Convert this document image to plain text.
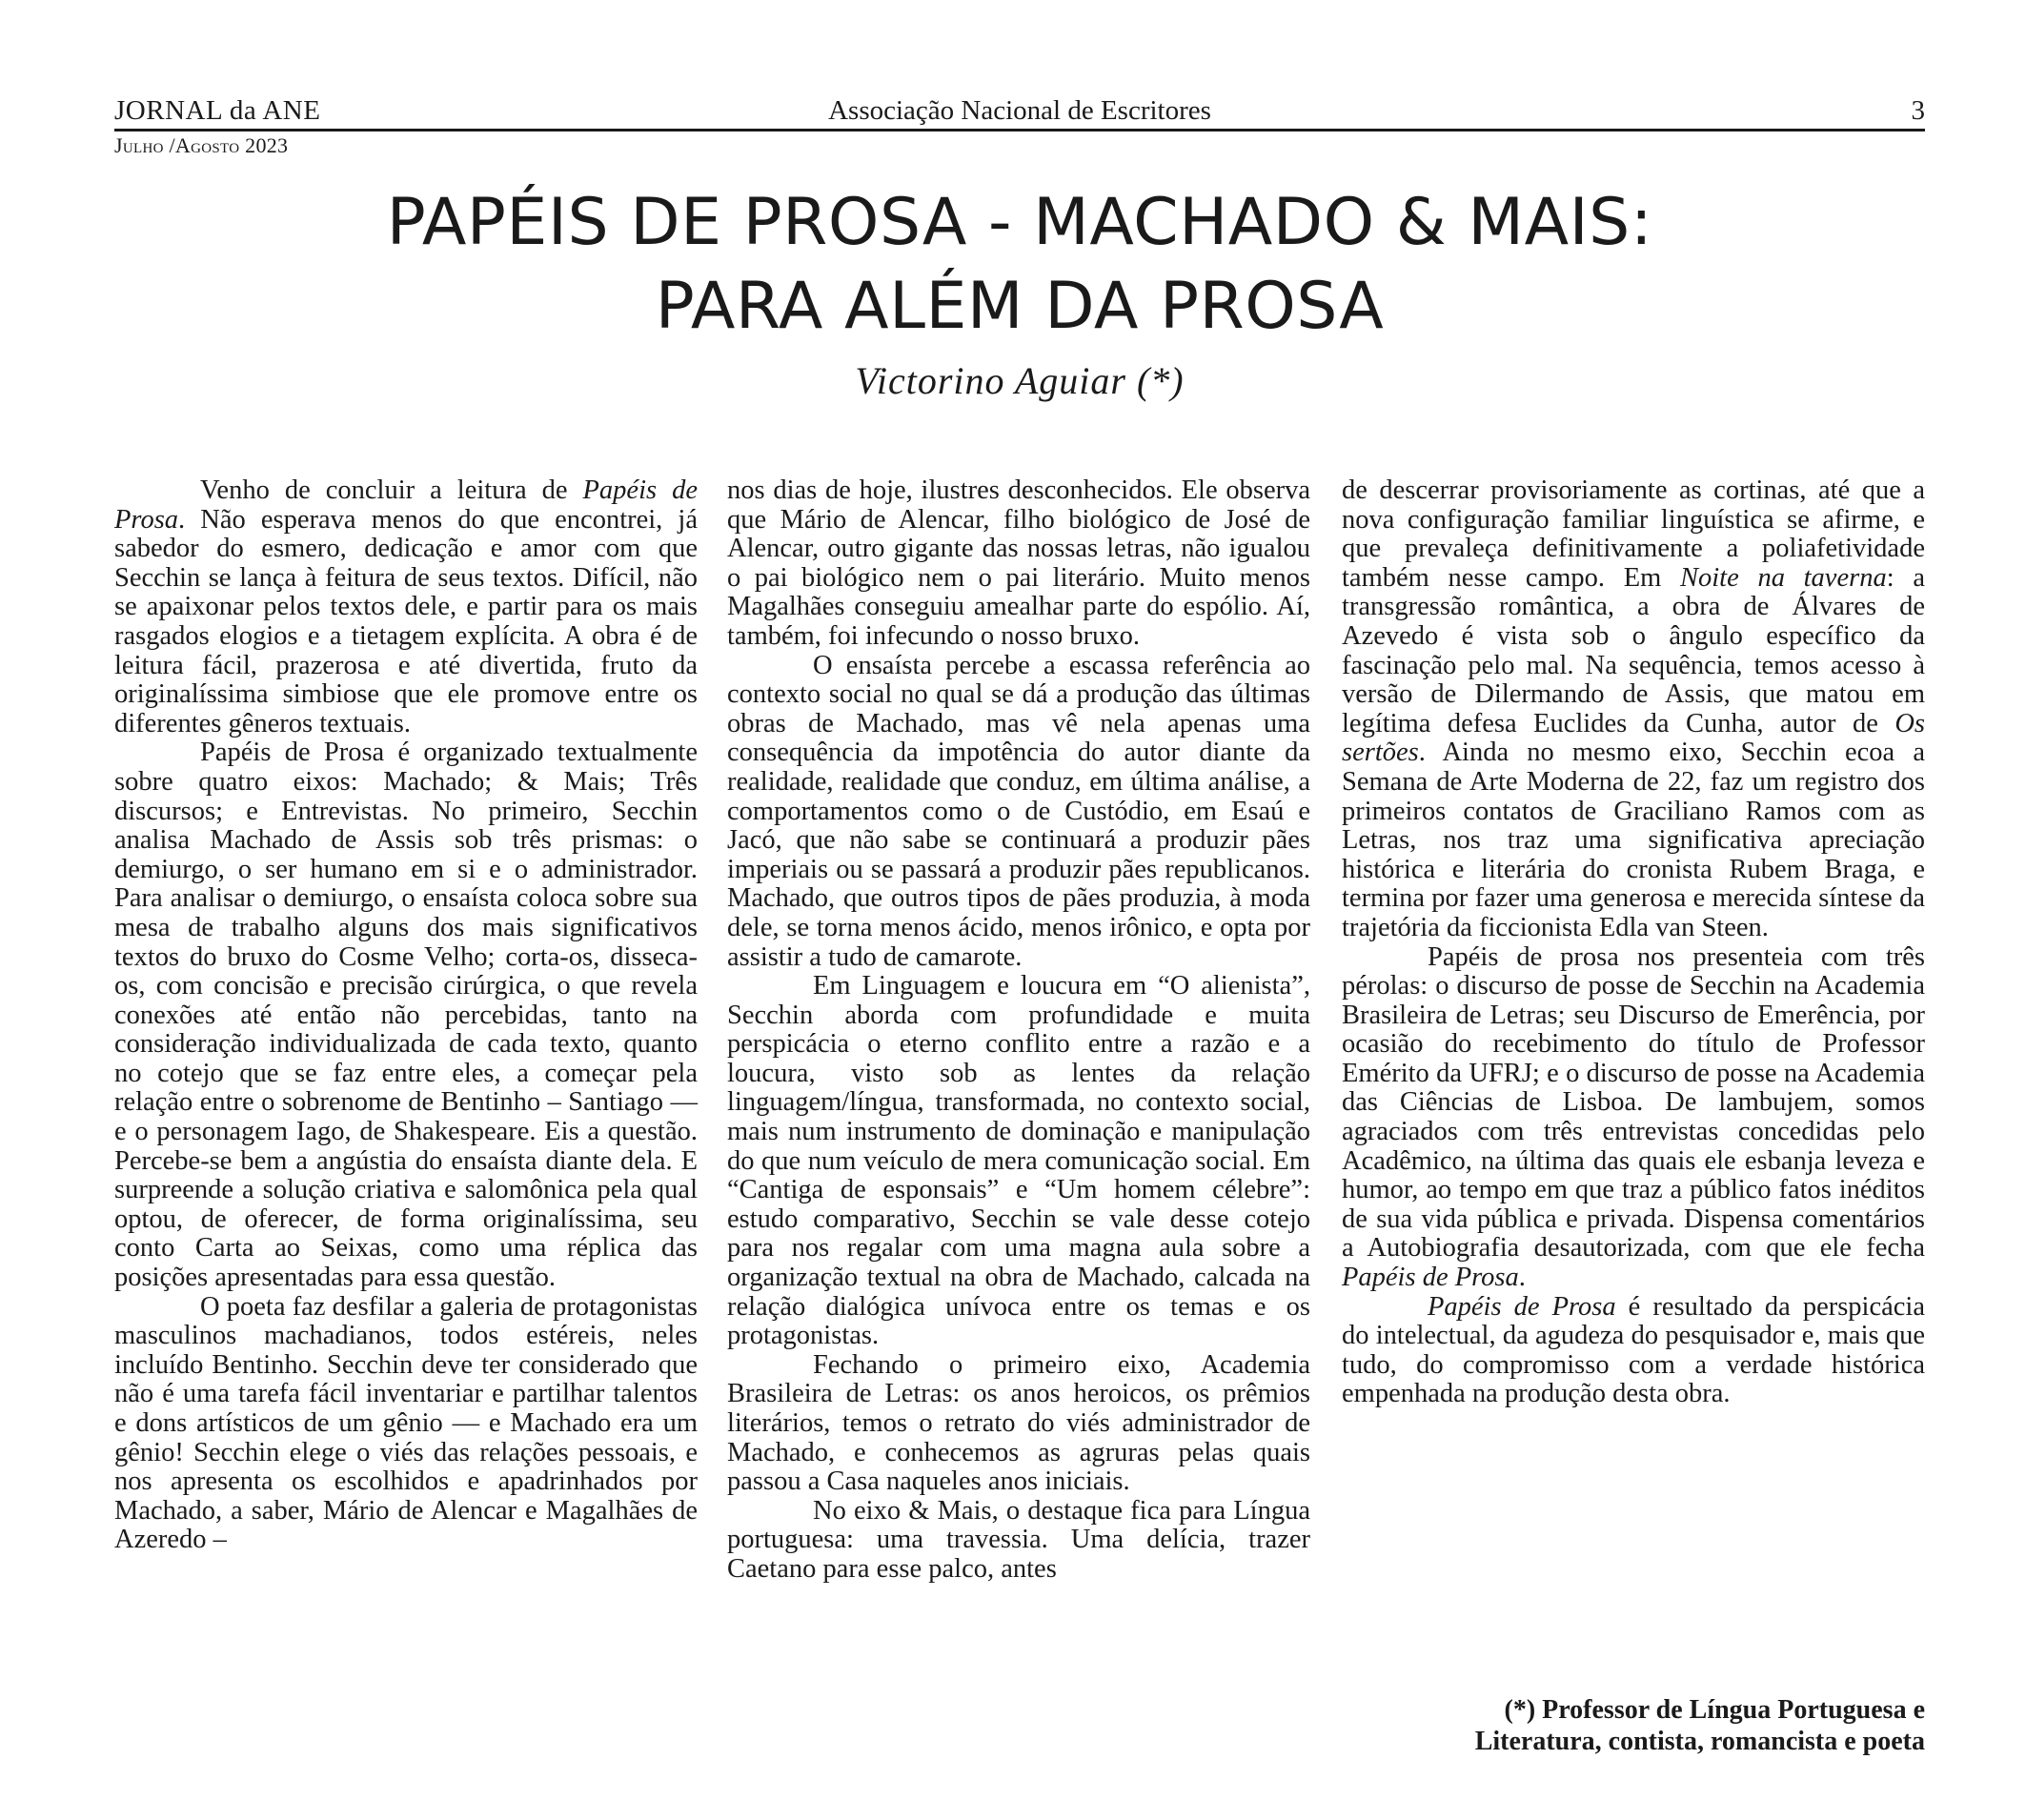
Associação Nacional de Escritores
JORNAL da ANE	3
Julho /Agosto 2023
PAPÉIS DE PROSA - MACHADO & MAIS:
PARA ALÉM DA PROSA
Victorino Aguiar (*)

Venho de concluir a leitura de Papéis de Prosa. Não esperava menos do que encontrei, já sabedor do esmero, dedicação e amor com que Secchin se lança à feitura de seus textos. Difícil, não se apaixonar pelos textos dele, e partir para os mais rasgados elogios e a tietagem explícita. A obra é de leitura fácil, prazerosa e até divertida, fruto da originalíssima simbiose que ele promove entre os diferentes gêneros textuais.

Papéis de Prosa é organizado textualmente sobre quatro eixos: Machado; & Mais; Três discursos; e Entrevistas. No primeiro, Secchin analisa Machado de Assis sob três prismas: o demiurgo, o ser humano em si e o administrador. Para analisar o demiurgo, o ensaísta coloca sobre sua mesa de trabalho alguns dos mais significativos textos do bruxo do Cosme Velho; corta-os, disseca-os, com concisão e precisão cirúrgica, o que revela conexões até então não percebidas, tanto na consideração individualizada de cada texto, quanto no cotejo que se faz entre eles, a começar pela relação entre o sobrenome de Bentinho – Santiago — e o personagem Iago, de Shakespeare. Eis a questão. Percebe-se bem a angústia do ensaísta diante dela. E surpreende a solução criativa e salomônica pela qual optou, de oferecer, de forma originalíssima, seu conto Carta ao Seixas, como uma réplica das posições apresentadas para essa questão.

O poeta faz desfilar a galeria de protagonistas masculinos machadianos, todos estéreis, neles incluído Bentinho. Secchin deve ter considerado que não é uma tarefa fácil inventariar e partilhar talentos e dons artísticos de um gênio — e Machado era um gênio! Secchin elege o viés das relações pessoais, e nos apresenta os escolhidos e apadrinhados por Machado, a saber, Mário de Alencar e Magalhães de Azeredo –

nos dias de hoje, ilustres desconhecidos. Ele observa que Mário de Alencar, filho biológico de José de Alencar, outro gigante das nossas letras, não igualou o pai biológico nem o pai literário. Muito menos Magalhães conseguiu amealhar parte do espólio. Aí, também, foi infecundo o nosso bruxo.

O ensaísta percebe a escassa referência ao contexto social no qual se dá a produção das últimas obras de Machado, mas vê nela apenas uma consequência da impotência do autor diante da realidade, realidade que conduz, em última análise, a comportamentos como o de Custódio, em Esaú e Jacó, que não sabe se continuará a produzir pães imperiais ou se passará a produzir pães republicanos. Machado, que outros tipos de pães produzia, à moda dele, se torna menos ácido, menos irônico, e opta por assistir a tudo de camarote.

Em Linguagem e loucura em “O alienista”, Secchin aborda com profundidade e muita perspicácia o eterno conflito entre a razão e a loucura, visto sob as lentes da relação linguagem/língua, transformada, no contexto social, mais num instrumento de dominação e manipulação do que num veículo de mera comunicação social. Em “Cantiga de esponsais” e “Um homem célebre”: estudo comparativo, Secchin se vale desse cotejo para nos regalar com uma magna aula sobre a organização textual na obra de Machado, calcada na relação dialógica unívoca entre os temas e os protagonistas.

Fechando o primeiro eixo, Academia Brasileira de Letras: os anos heroicos, os prêmios literários, temos o retrato do viés administrador de Machado, e conhecemos as agruras pelas quais passou a Casa naqueles anos iniciais.

No eixo & Mais, o destaque fica para Língua portuguesa: uma travessia. Uma delícia, trazer Caetano para esse palco, antes

de descerrar provisoriamente as cortinas, até que a nova configuração familiar linguística se afirme, e que prevaleça definitivamente a poliafetividade também nesse campo. Em Noite na taverna: a transgressão romântica, a obra de Álvares de Azevedo é vista sob o ângulo específico da fascinação pelo mal. Na sequência, temos acesso à versão de Dilermando de Assis, que matou em legítima defesa Euclides da Cunha, autor de Os sertões. Ainda no mesmo eixo, Secchin ecoa a Semana de Arte Moderna de 22, faz um registro dos primeiros contatos de Graciliano Ramos com as Letras, nos traz uma significativa apreciação histórica e literária do cronista Rubem Braga, e termina por fazer uma generosa e merecida síntese da trajetória da ficcionista Edla van Steen.

Papéis de prosa nos presenteia com três pérolas: o discurso de posse de Secchin na Academia Brasileira de Letras; seu Discurso de Emerência, por ocasião do recebimento do título de Professor Emérito da UFRJ; e o discurso de posse na Academia das Ciências de Lisboa. De lambujem, somos agraciados com três entrevistas concedidas pelo Acadêmico, na última das quais ele esbanja leveza e humor, ao tempo em que traz a público fatos inéditos de sua vida pública e privada. Dispensa comentários a Autobiografia desautorizada, com que ele fecha Papéis de Prosa.

Papéis de Prosa é resultado da perspicácia do intelectual, da agudeza do pesquisador e, mais que tudo, do compromisso com a verdade histórica empenhada na produção desta obra.

(*) Professor de Língua Portuguesa e
Literatura, contista, romancista e poeta
